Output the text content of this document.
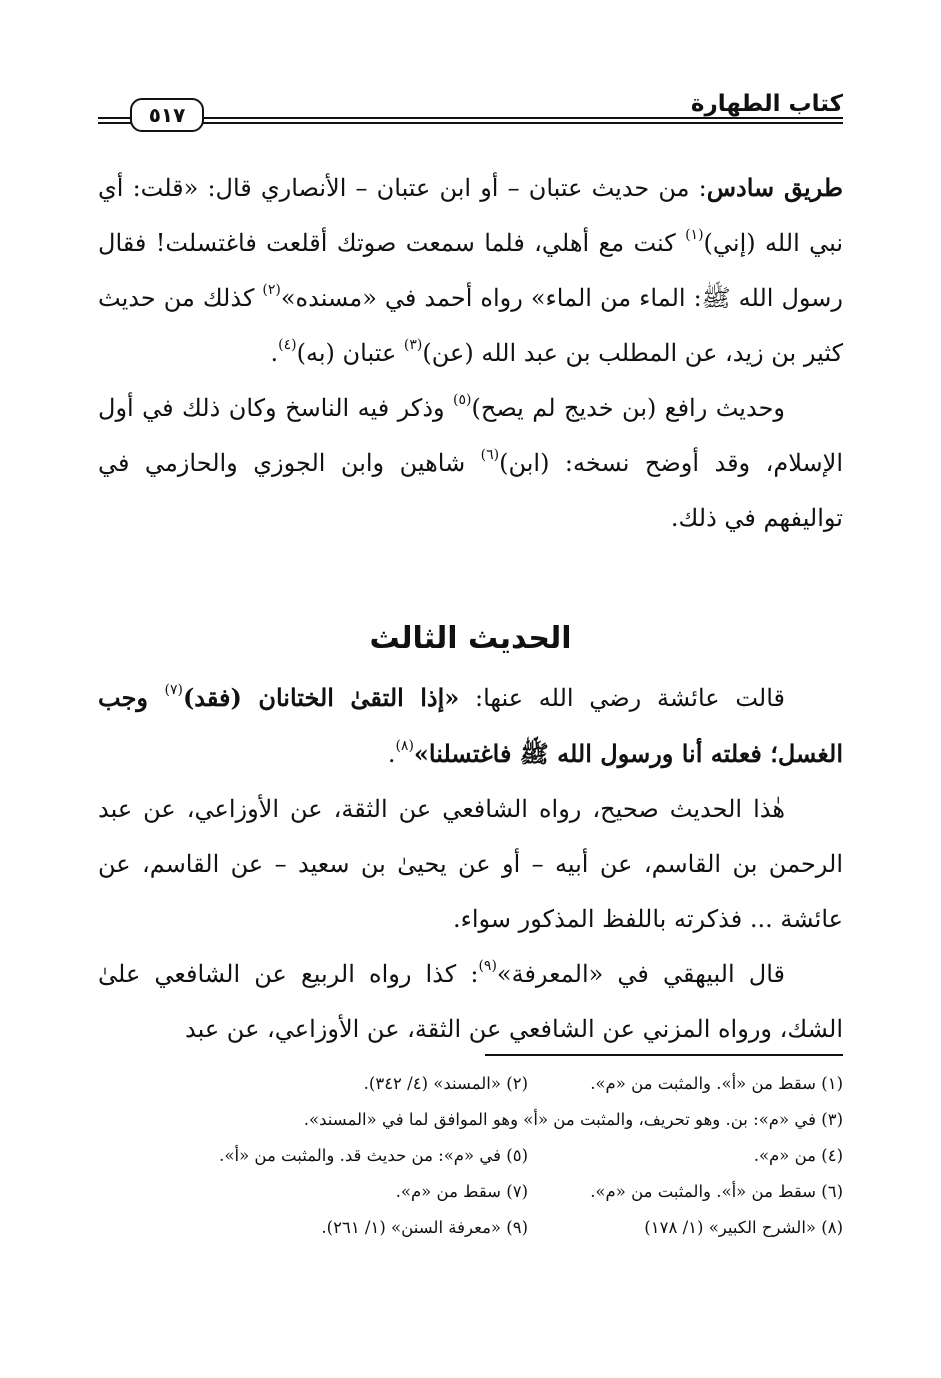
كتاب الطهارة
٥١٧

طريق سادس: من حديث عتبان – أو ابن عتبان – الأنصاري قال: «قلت: أي نبي الله (إني)$^{(١)}$ كنت مع أهلي، فلما سمعت صوتك أقلعت فاغتسلت! فقال رسول الله ﷺ: الماء من الماء» رواه أحمد في «مسنده»$^{(٢)}$ كذلك من حديث كثير بن زيد، عن المطلب بن عبد الله (عن)$^{(٣)}$ عتبان (به)$^{(٤)}$.

وحديث رافع (بن خديج لم يصح)$^{(٥)}$ وذكر فيه الناسخ وكان ذلك في أول الإسلام، وقد أوضح نسخه: (ابن)$^{(٦)}$ شاهين وابن الجوزي والحازمي في تواليفهم في ذلك.

الحديث الثالث

قالت عائشة رضي الله عنها: «إذا التقىٰ الختانان (فقد)$^{(٧)}$ وجب الغسل؛ فعلته أنا ورسول الله ﷺ فاغتسلنا»$^{(٨)}$.

هٰذا الحديث صحيح، رواه الشافعي عن الثقة، عن الأوزاعي، عن عبد الرحمن بن القاسم، عن أبيه – أو عن يحيىٰ بن سعيد – عن القاسم، عن عائشة ... فذكرته باللفظ المذكور سواء.

قال البيهقي في «المعرفة»$^{(٩)}$: كذا رواه الربيع عن الشافعي علىٰ الشك، ورواه المزني عن الشافعي عن الثقة، عن الأوزاعي، عن عبد

(١) سقط من «أ». والمثبت من «م».
(٢) «المسند» (٤/ ٣٤٢).
(٣) في «م»: بن. وهو تحريف، والمثبت من «أ» وهو الموافق لما في «المسند».
(٤) من «م».
(٥) في «م»: من حديث قد. والمثبت من «أ».
(٦) سقط من «أ». والمثبت من «م».
(٧) سقط من «م».
(٨) «الشرح الكبير» (١/ ١٧٨)
(٩) «معرفة السنن» (١/ ٢٦١).
